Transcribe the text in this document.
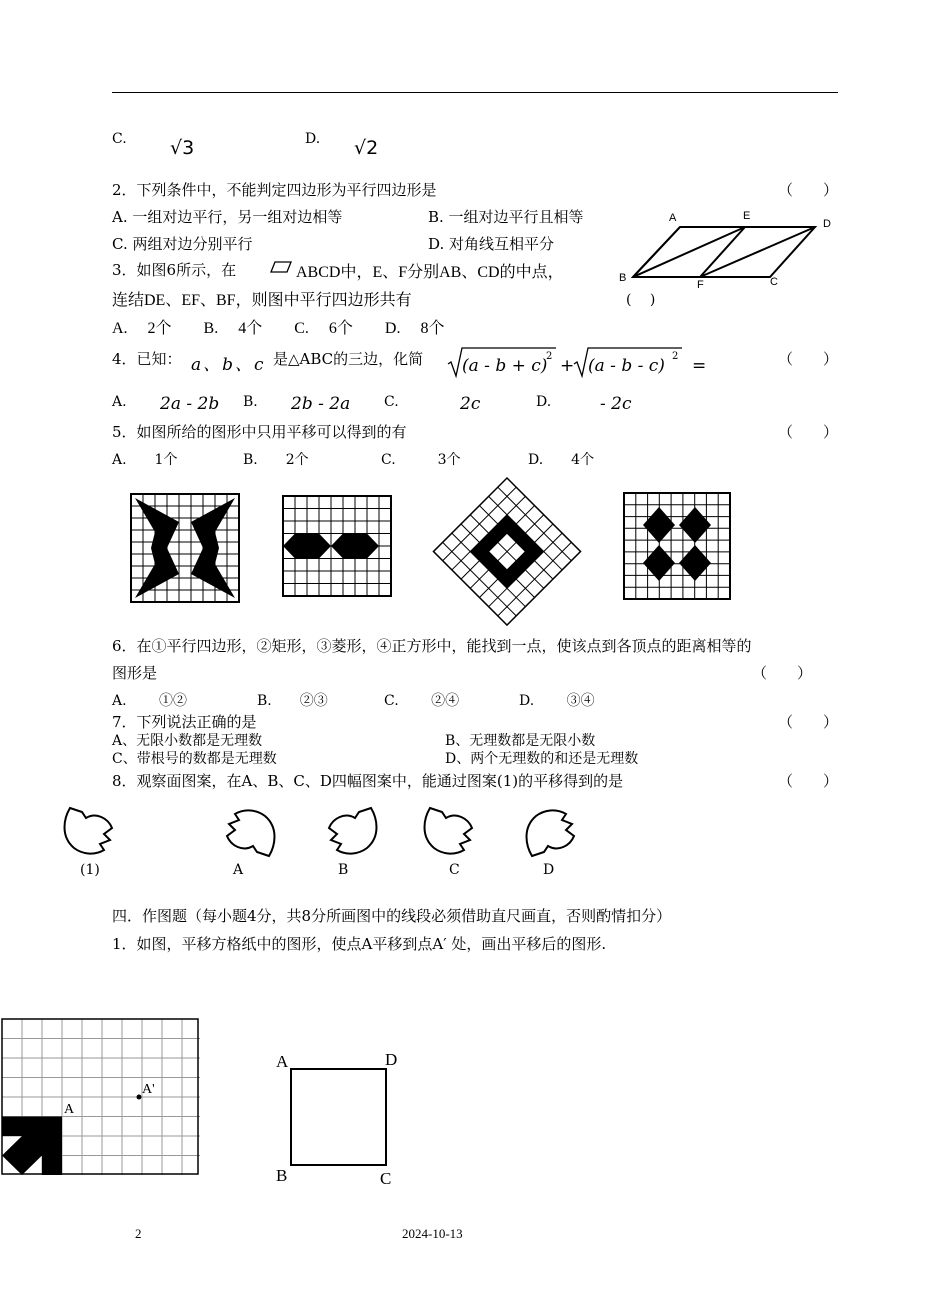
C. √3	D. √2
2．下列条件中，不能判定四边形为平行四边形是	（　　）
A. 一组对边平行，另一组对边相等	B. 一组对边平行且相等
C. 两组对边分别平行	D. 对角线互相平分
A	E
D
B
F	C
3．如图6所示，在	ABCD中，E、F分别AB、CD的中点，
连结DE、EF、BF，则图中平行四边形共有	(　 )
A.　 2个　　B.　 4个　　C.　 6个　　D.　 8个
4．已知： a、b、c 是△ABC的三边，化简 (a - b + c) (a - b - c)
2	2
+	=	（　　）
A. 2a - 2b B. 2b - 2a C.	2c	D.	- 2c
5．如图所给的图形中只用平移可以得到的有	（　　）
A.　　1个	B.　　2个	C.　　　3个	D.　　4个
6．在①平行四边形，②矩形，③菱形，④正方形中，能找到一点，使该点到各顶点的距离相等的
图形是	（　　）
A.　　 ①②	B.　　②③	C.　　 ②④	D.　　 ③④
7．下列说法正确的是	（　　）
A、无限小数都是无理数	B、无理数都是无限小数
C、带根号的数都是无理数	D、两个无理数的和还是无理数
8．观察面图案，在A、B、C、D四幅图案中，能通过图案(1)的平移得到的是	（　　）
(1)	A	B	C	D
四．作图题（每小题4分，共8分所画图中的线段必须借助直尺画直，否则酌情扣分）
1．如图，平移方格纸中的图形，使点A平移到点A′ 处，画出平移后的图形.
A
A'
A	D
B	C
2	2024-10-13
